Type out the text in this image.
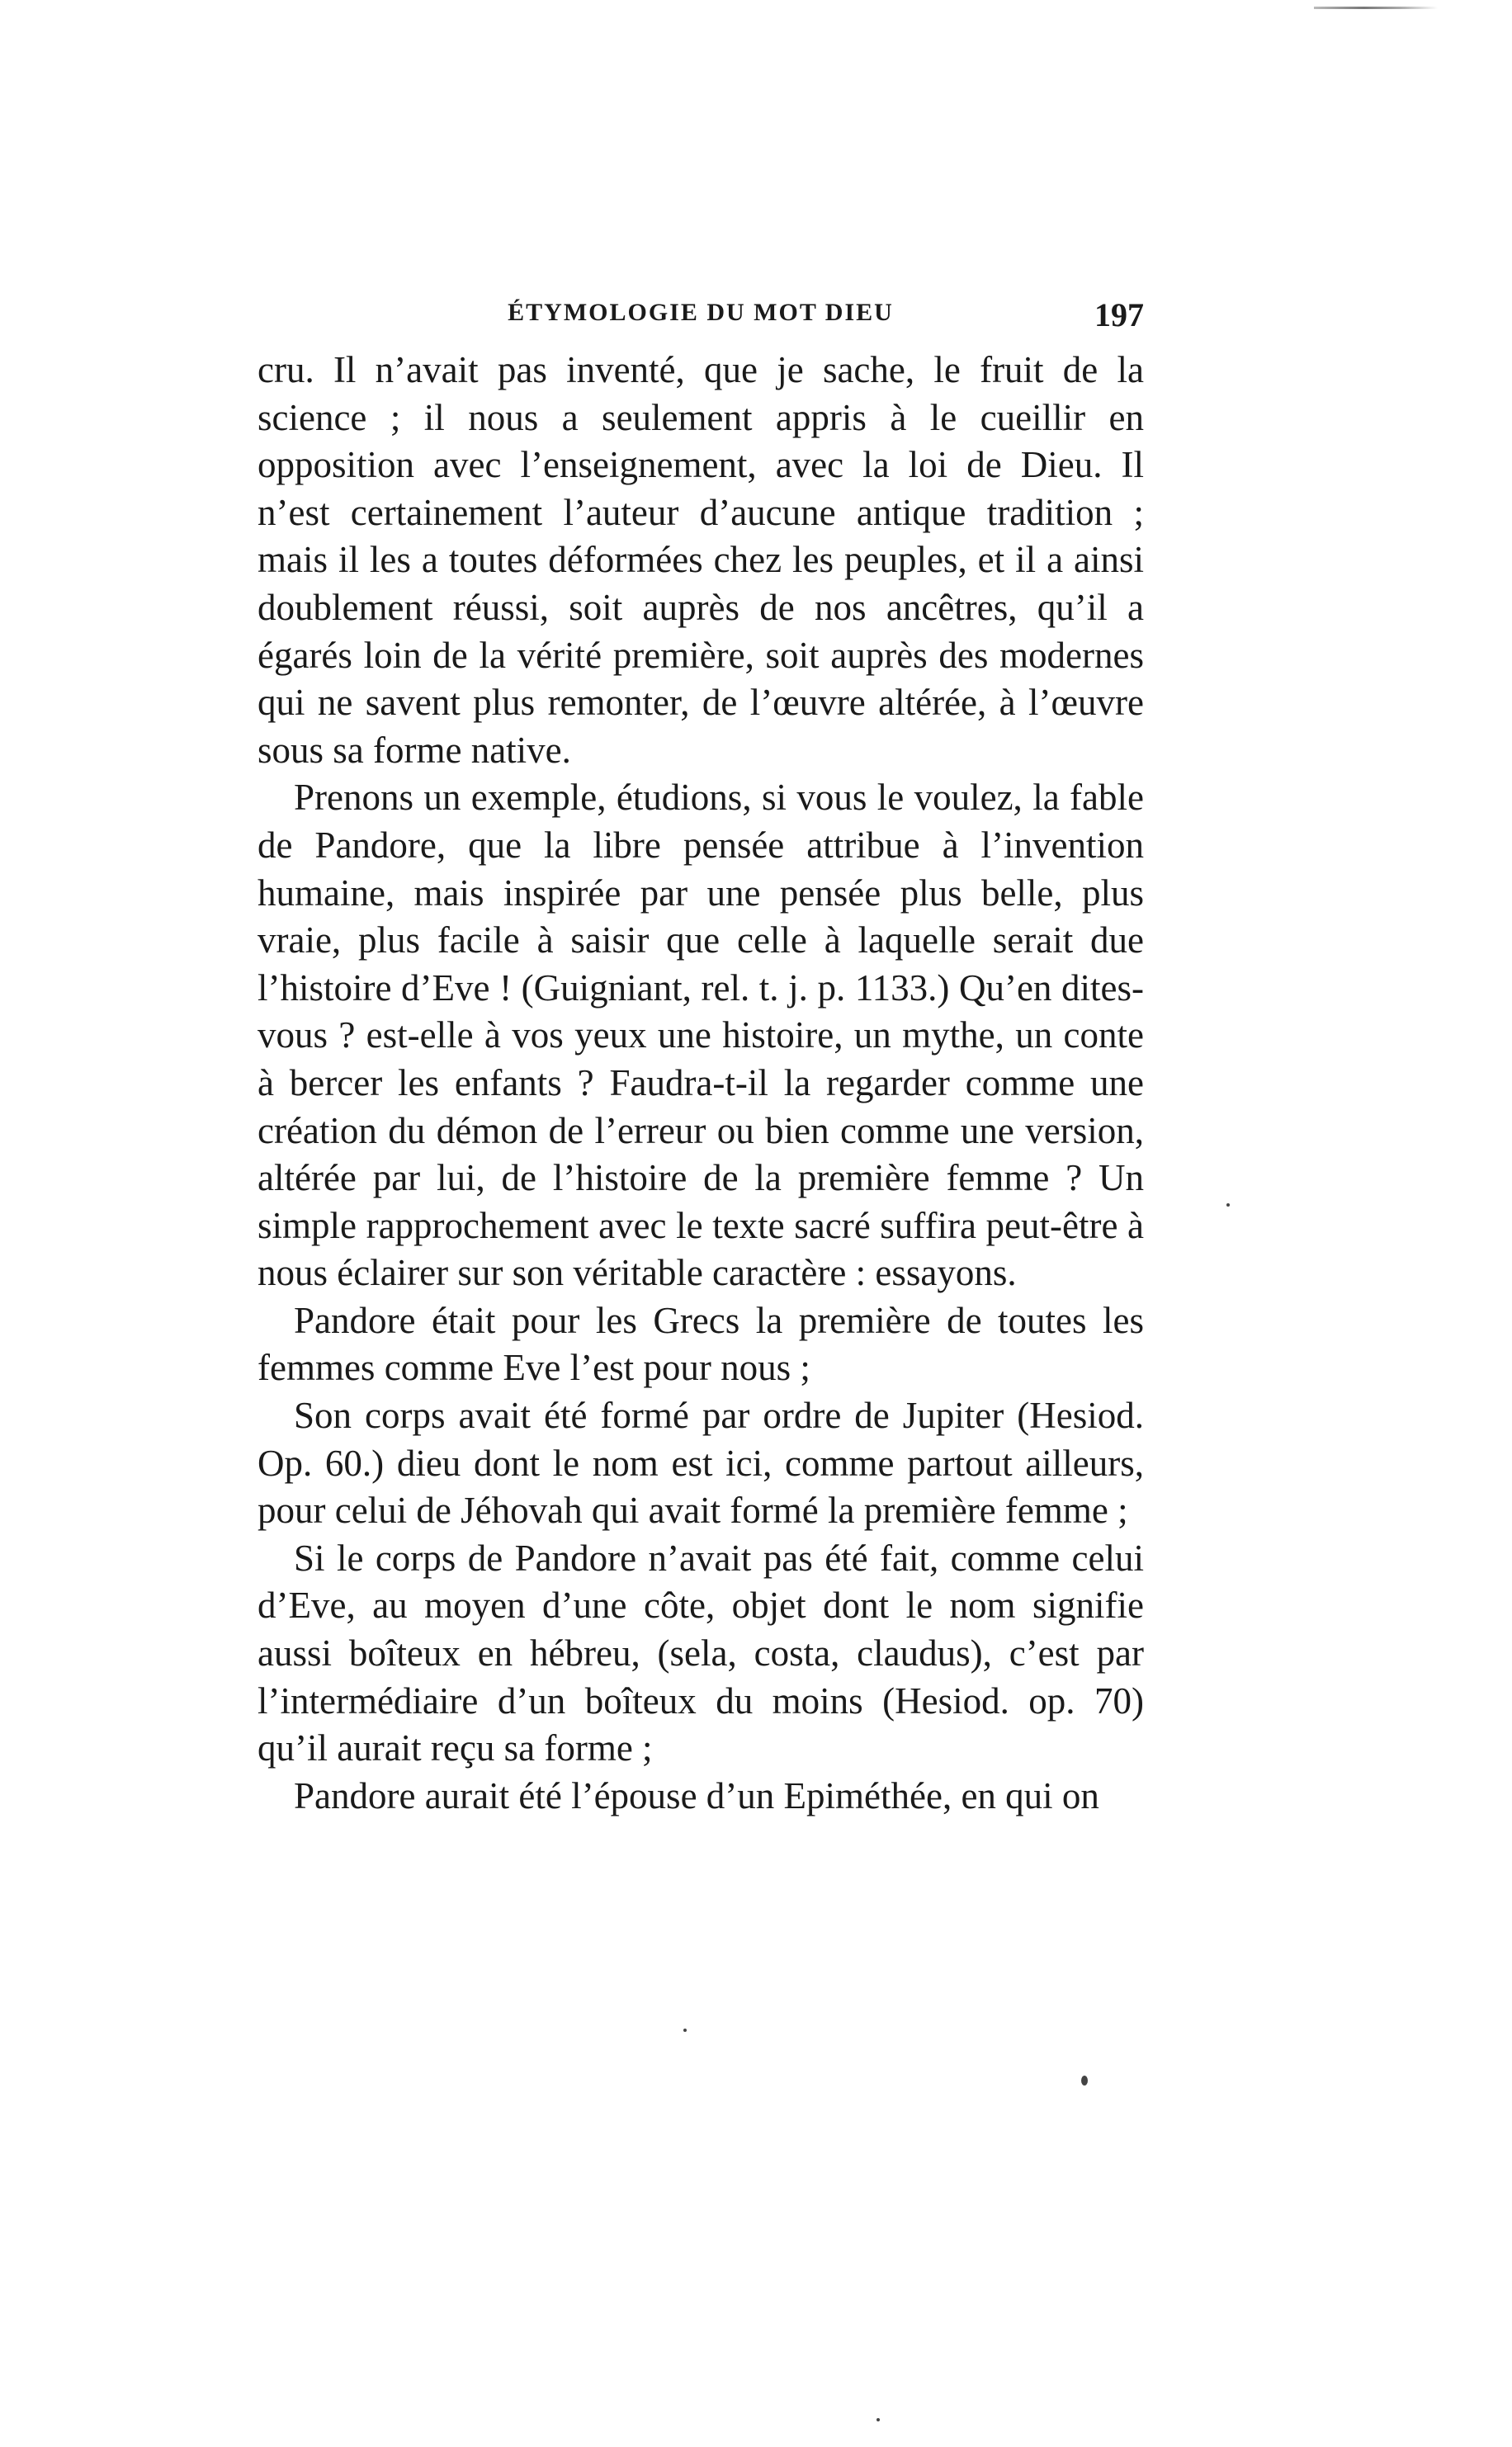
ÉTYMOLOGIE DU MOT DIEU	197

cru. Il n’avait pas inventé, que je sache, le fruit de la science ; il nous a seulement appris à le cueillir en opposition avec l’enseignement, avec la loi de Dieu. Il n’est certainement l’auteur d’aucune antique tradition ; mais il les a toutes déformées chez les peuples, et il a ainsi doublement réussi, soit auprès de nos ancêtres, qu’il a égarés loin de la vérité première, soit auprès des modernes qui ne savent plus remonter, de l’œuvre altérée, à l’œuvre sous sa forme native.

Prenons un exemple, étudions, si vous le voulez, la fable de Pandore, que la libre pensée attribue à l’invention humaine, mais inspirée par une pensée plus belle, plus vraie, plus facile à saisir que celle à laquelle serait due l’histoire d’Eve ! (Guigniant, rel. t. j. p. 1133.) Qu’en dites-vous ? est-elle à vos yeux une histoire, un mythe, un conte à bercer les enfants ? Faudra-t-il la regarder comme une création du démon de l’erreur ou bien comme une version, altérée par lui, de l’histoire de la première femme ? Un simple rapprochement avec le texte sacré suffira peut-être à nous éclairer sur son véritable caractère : essayons.

Pandore était pour les Grecs la première de toutes les femmes comme Eve l’est pour nous ;

Son corps avait été formé par ordre de Jupiter (Hesiod. Op. 60.) dieu dont le nom est ici, comme partout ailleurs, pour celui de Jéhovah qui avait formé la première femme ;

Si le corps de Pandore n’avait pas été fait, comme celui d’Eve, au moyen d’une côte, objet dont le nom signifie aussi boîteux en hébreu, (sela, costa, claudus), c’est par l’intermédiaire d’un boîteux du moins (Hesiod. op. 70) qu’il aurait reçu sa forme ;

Pandore aurait été l’épouse d’un Epiméthée, en qui on
